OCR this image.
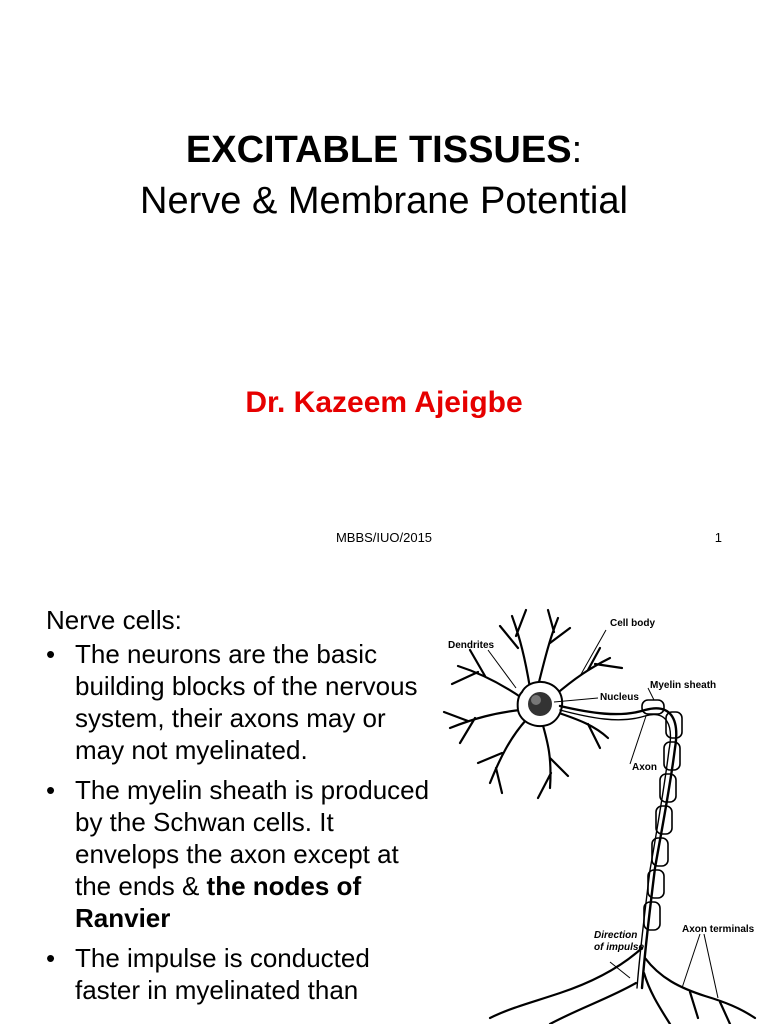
EXCITABLE TISSUES:
Nerve & Membrane Potential
Dr. Kazeem Ajeigbe
MBBS/IUO/2015	1
Nerve cells:
• The neurons are the basic building blocks of the nervous system, their axons may or may not myelinated.
• The myelin sheath is produced by the Schwan cells. It envelops the axon except at the ends & the nodes of Ranvier
• The impulse is conducted faster in myelinated than
Cell body
Dendrites
Nucleus
Myelin sheath
Axon
Axon terminals
Direction
of impulse
